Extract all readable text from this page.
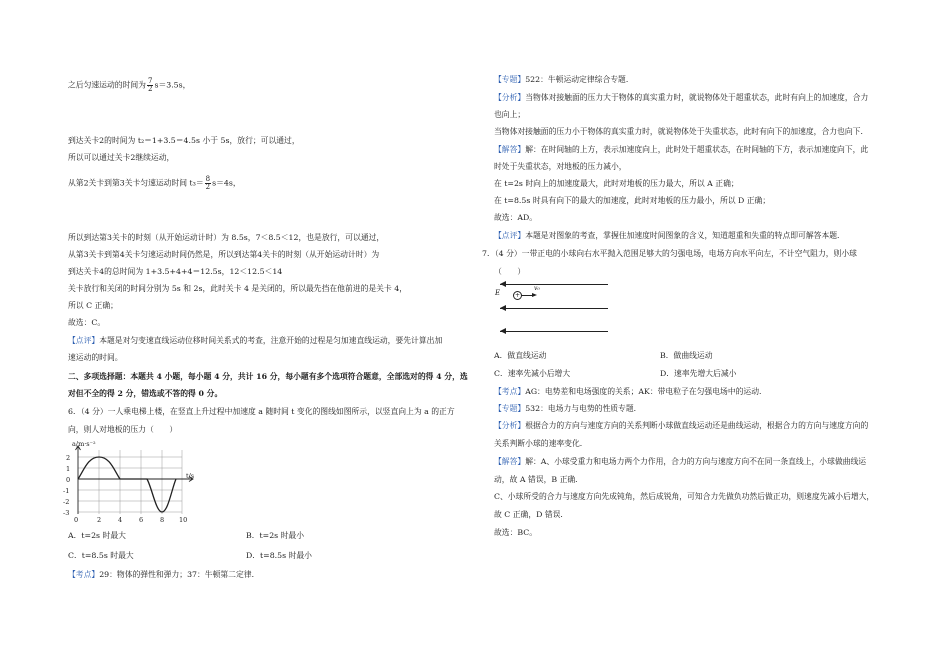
之后匀速运动的时间为 $\frac{7}{2} s=3.5s$，
到达关卡2的时间为 t₂＝1+3.5＝4.5s 小于 5s，放行；可以通过，
所以可以通过关卡2继续运动，
从第2关卡到第3关卡匀速运动时间 $t_3= \frac{8}{2} s=4s$，
所以到达第3关卡的时刻（从开始运动计时）为 8.5s，7＜8.5＜12，也是放行，可以通过，
从第3关卡到第4关卡匀速运动时间仍然是，所以到达第4关卡的时刻（从开始运动计时）为
到达关卡4的总时间为 1+3.5+4+4＝12.5s，12＜12.5＜14
关卡放行和关闭的时间分别为 5s 和 2s，此时关卡 4 是关闭的，所以最先挡在他前进的是关卡 4，
所以 C 正确；
故选：C。
【点评】本题是对匀变速直线运动位移时间关系式的考查，注意开始的过程是匀加速直线运动，要先计算出加
速运动的时间。
二、多项选择题：本题共 4 小题，每小题 4 分，共计 16 分，每小题有多个选项符合题意，全部选对的得 4 分，选
对但不全的得 2 分，错选或不答的得 0 分。
6．（4 分）一人乘电梯上楼，在竖直上升过程中加速度 a 随时间 t 变化的图线如图所示，以竖直向上为 a 的正方
向，则人对地板的压力（　　）
A．t=2s 时最大	B．t=2s 时最小
C．t=8.5s 时最大	D．t=8.5s 时最小
【考点】29：物体的弹性和弹力；37：牛顿第二定律．
a/m·s⁻²
t/s
2
1
0
-1
-2
-3
0	2	4	6	8 10
【专题】522：牛顿运动定律综合专题．
【分析】当物体对接触面的压力大于物体的真实重力时，就说物体处于超重状态，此时有向上的加速度，合力
也向上；
当物体对接触面的压力小于物体的真实重力时，就说物体处于失重状态，此时有向下的加速度，合力也向下．
【解答】解：在时间轴的上方，表示加速度向上，此时处于超重状态，在时间轴的下方，表示加速度向下，此
时处于失重状态，对地板的压力减小，
在 t=2s 时向上的加速度最大，此时对地板的压力最大，所以 A 正确；
在 t=8.5s 时具有向下的最大的加速度，此时对地板的压力最小，所以 D 正确；
故选：AD。
【点评】本题是对图象的考查，掌握住加速度时间图象的含义，知道超重和失重的特点即可解答本题．
7．（4 分）一带正电的小球向右水平抛入范围足够大的匀强电场，电场方向水平向左，不计空气阻力，则小球
（　　）
A．做直线运动	B．做曲线运动
C．速率先减小后增大	D．速率先增大后减小
【考点】AG：电势差和电场强度的关系；AK：带电粒子在匀强电场中的运动．
【专题】532：电场力与电势的性质专题．
【分析】根据合力的方向与速度方向的关系判断小球做直线运动还是曲线运动，根据合力的方向与速度方向的
关系判断小球的速率变化．
【解答】解：A、小球受重力和电场力两个力作用，合力的方向与速度方向不在同一条直线上，小球做曲线运
动，故 A 错误，B 正确．
C、小球所受的合力与速度方向先成钝角，然后成锐角，可知合力先做负功然后做正功，则速度先减小后增大，
故 C 正确，D 错误．
故选：BC。
E	+
v₀
